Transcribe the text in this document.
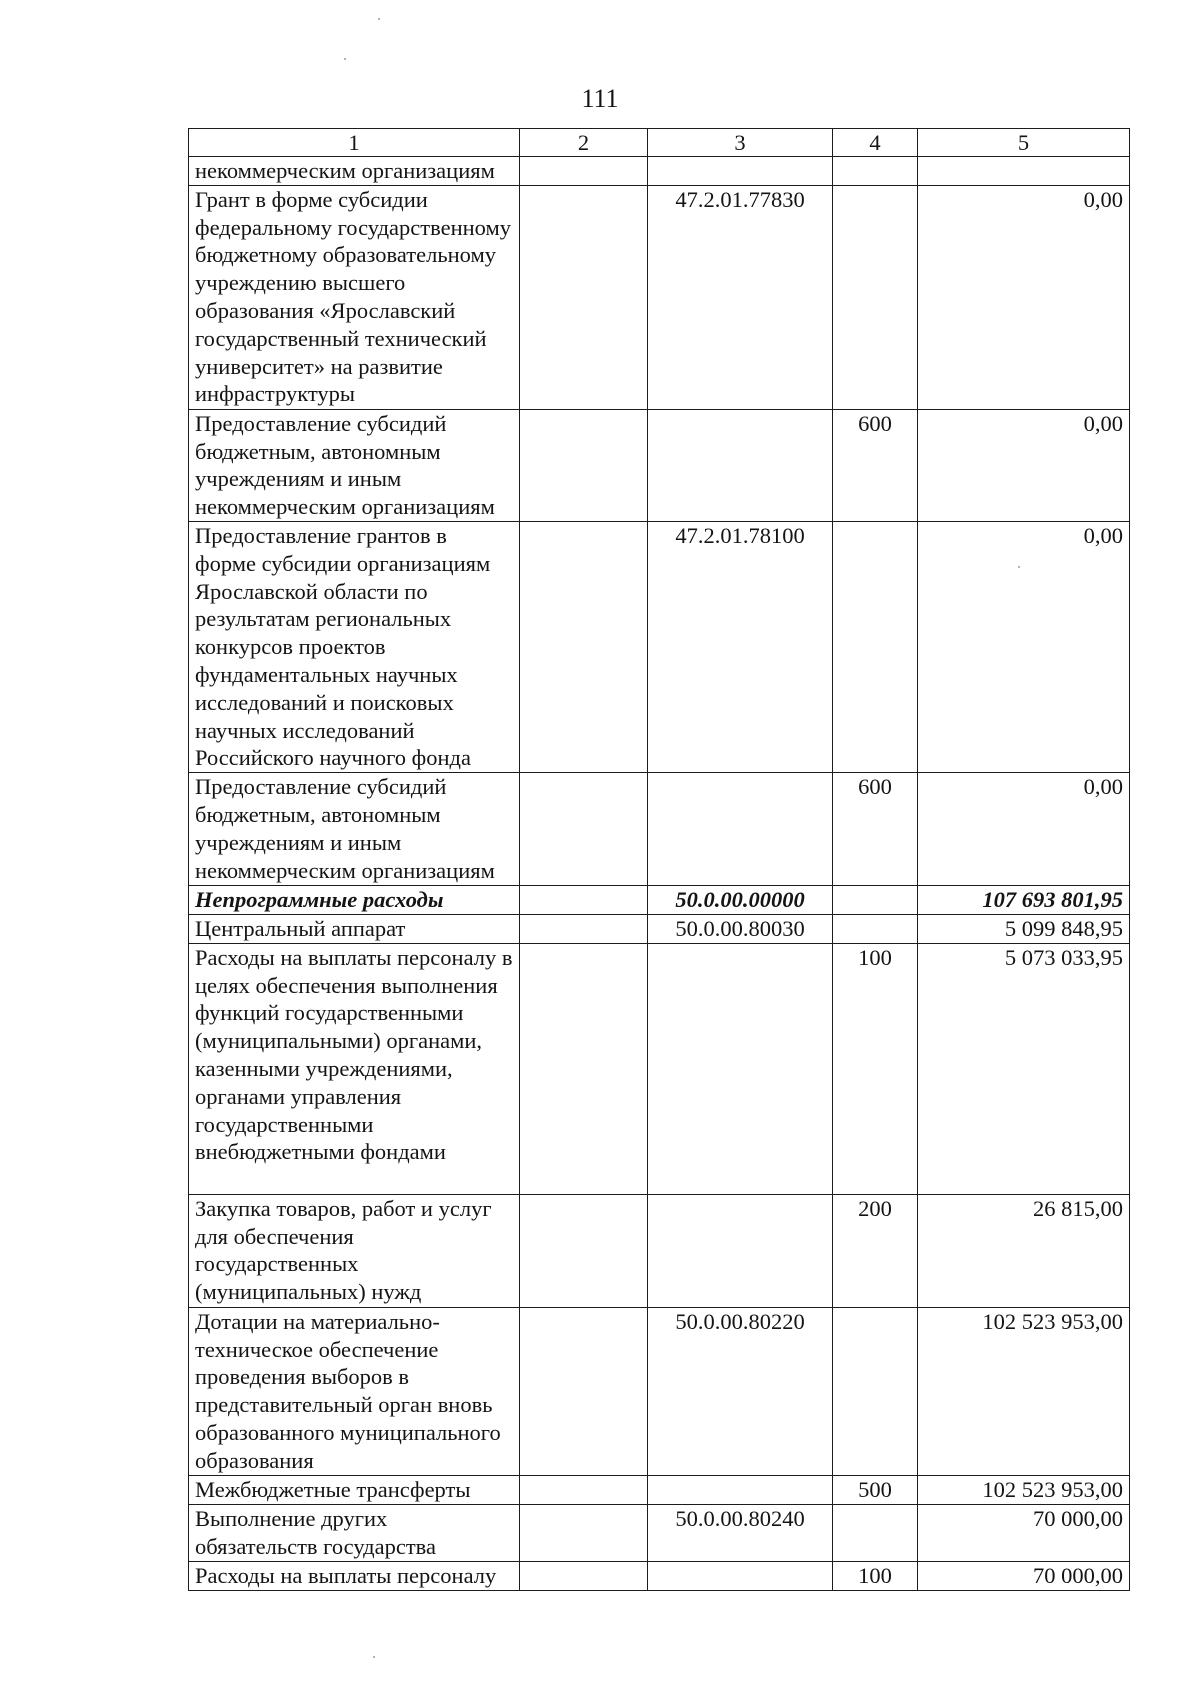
111
1	2	3	4	5
некоммерческим организациям				
Грант в форме субсидии федеральному государственному бюджетному образовательному учреждению высшего образования «Ярославский государственный технический университет» на развитие инфраструктуры		47.2.01.77830		0,00
Предоставление субсидий бюджетным, автономным учреждениям и иным некоммерческим организациям			600	0,00
Предоставление грантов в форме субсидии организациям Ярославской области по результатам региональных конкурсов проектов фундаментальных научных исследований и поисковых научных исследований Российского научного фонда		47.2.01.78100		0,00
Предоставление субсидий бюджетным, автономным учреждениям и иным некоммерческим организациям			600	0,00
Непрограммные расходы		50.0.00.00000		107 693 801,95
Центральный аппарат		50.0.00.80030		5 099 848,95
Расходы на выплаты персоналу в целях обеспечения выполнения функций государственными (муниципальными) органами, казенными учреждениями, органами управления государственными внебюджетными фондами			100	5 073 033,95
Закупка товаров, работ и услуг для обеспечения государственных (муниципальных) нужд			200	26 815,00
Дотации на материально-техническое обеспечение проведения выборов в представительный орган вновь образованного муниципального образования		50.0.00.80220		102 523 953,00
Межбюджетные трансферты			500	102 523 953,00
Выполнение других обязательств государства		50.0.00.80240		70 000,00
Расходы на выплаты персоналу			100	70 000,00
